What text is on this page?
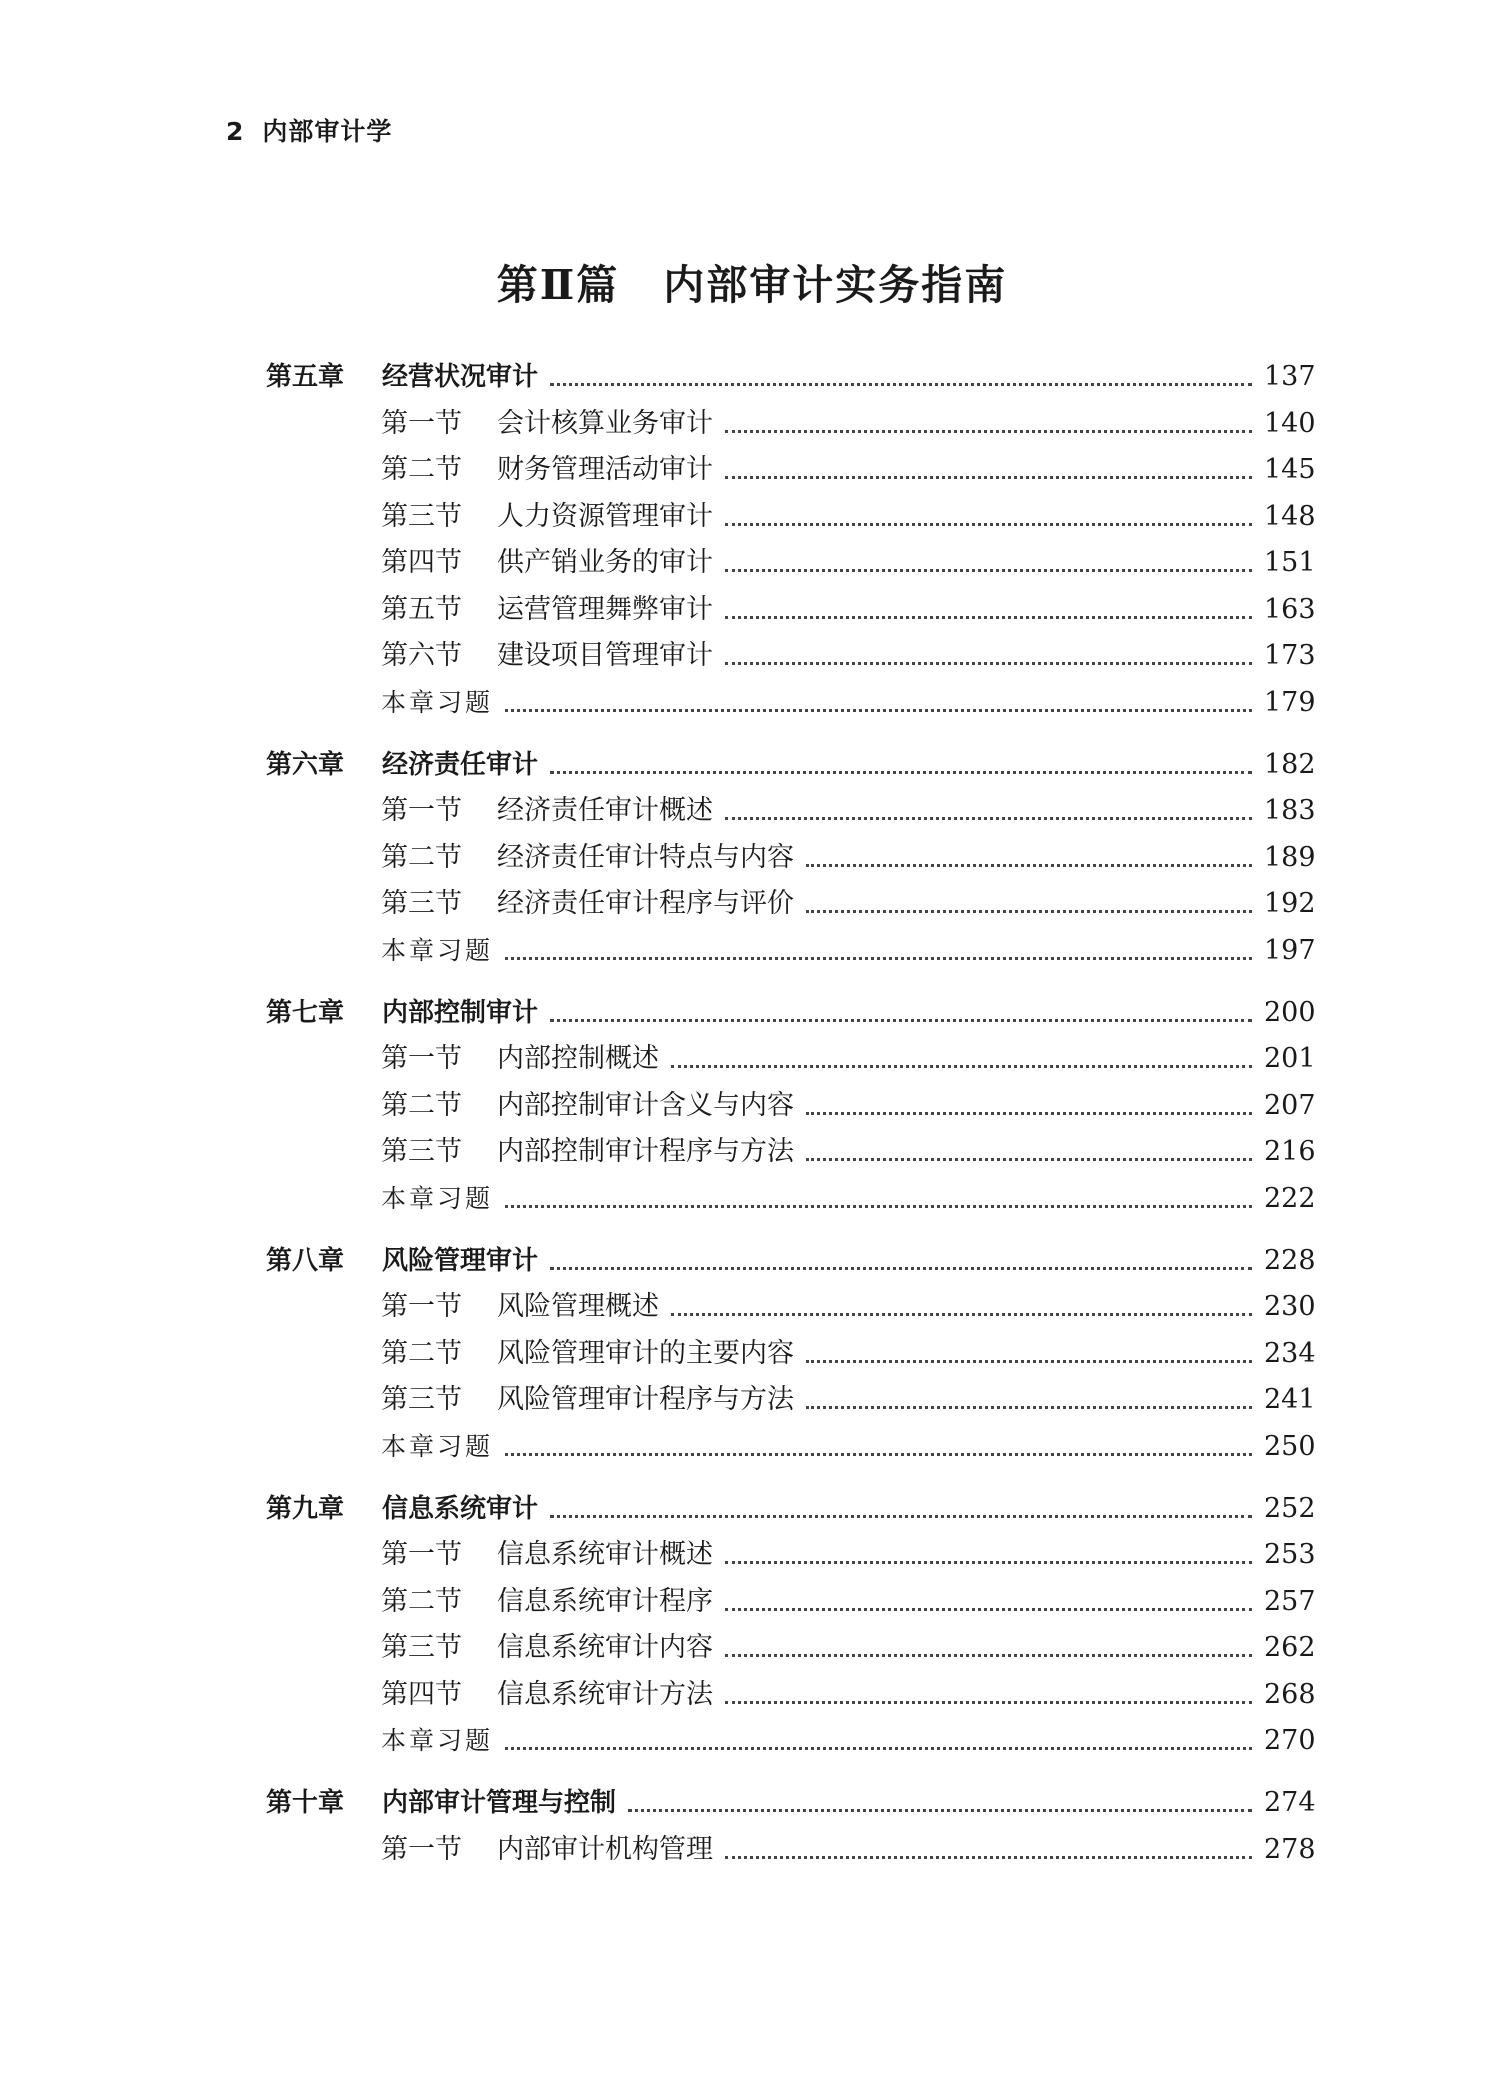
2 内部审计学
第Ⅱ篇 内部审计实务指南
第五章	经营状况审计	137
第一节	会计核算业务审计	140
第二节	财务管理活动审计	145
第三节	人力资源管理审计	148
第四节	供产销业务的审计	151
第五节	运营管理舞弊审计	163
第六节	建设项目管理审计	173
本章习题	179
第六章	经济责任审计	182
第一节	经济责任审计概述	183
第二节	经济责任审计特点与内容	189
第三节	经济责任审计程序与评价	192
本章习题	197
第七章	内部控制审计	200
第一节	内部控制概述	201
第二节	内部控制审计含义与内容	207
第三节	内部控制审计程序与方法	216
本章习题	222
第八章	风险管理审计	228
第一节	风险管理概述	230
第二节	风险管理审计的主要内容	234
第三节	风险管理审计程序与方法	241
本章习题	250
第九章	信息系统审计	252
第一节	信息系统审计概述	253
第二节	信息系统审计程序	257
第三节	信息系统审计内容	262
第四节	信息系统审计方法	268
本章习题	270
第十章	内部审计管理与控制	274
第一节	内部审计机构管理	278
